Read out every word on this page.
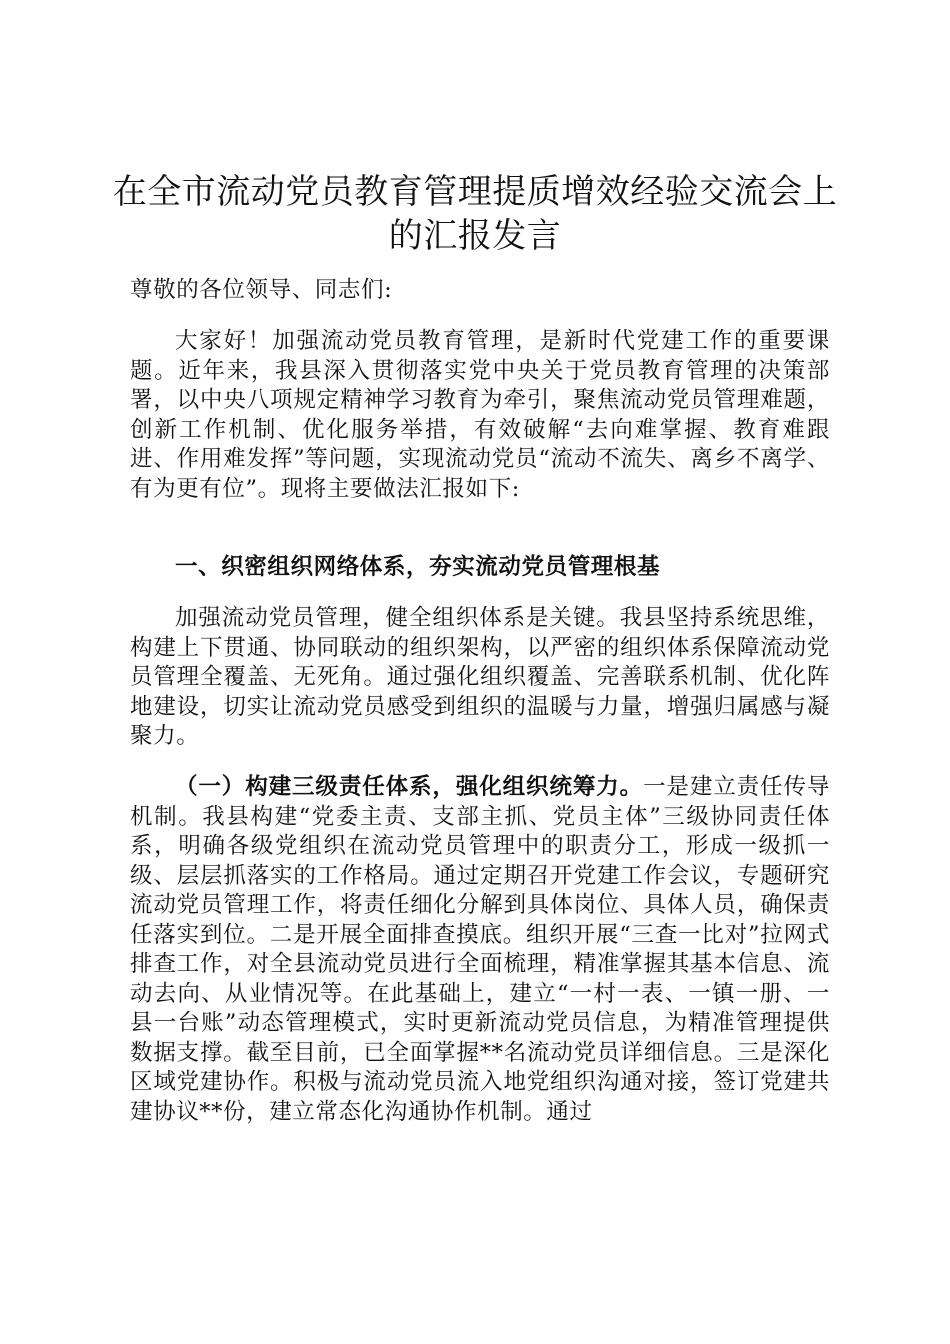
在全市流动党员教育管理提质增效经验交流会上的汇报发言

尊敬的各位领导、同志们:

大家好！加强流动党员教育管理，是新时代党建工作的重要课题。近年来，我县深入贯彻落实党中央关于党员教育管理的决策部署，以中央八项规定精神学习教育为牵引，聚焦流动党员管理难题，创新工作机制、优化服务举措，有效破解“去向难掌握、教育难跟进、作用难发挥”等问题，实现流动党员“流动不流失、离乡不离学、有为更有位”。现将主要做法汇报如下:

一、织密组织网络体系，夯实流动党员管理根基

加强流动党员管理，健全组织体系是关键。我县坚持系统思维，构建上下贯通、协同联动的组织架构，以严密的组织体系保障流动党员管理全覆盖、无死角。通过强化组织覆盖、完善联系机制、优化阵地建设，切实让流动党员感受到组织的温暖与力量，增强归属感与凝聚力。

（一）构建三级责任体系，强化组织统筹力。一是建立责任传导机制。我县构建“党委主责、支部主抓、党员主体”三级协同责任体系，明确各级党组织在流动党员管理中的职责分工，形成一级抓一级、层层抓落实的工作格局。通过定期召开党建工作会议，专题研究流动党员管理工作，将责任细化分解到具体岗位、具体人员，确保责任落实到位。二是开展全面排查摸底。组织开展“三查一比对”拉网式排查工作，对全县流动党员进行全面梳理，精准掌握其基本信息、流动去向、从业情况等。在此基础上，建立“一村一表、一镇一册、一县一台账”动态管理模式，实时更新流动党员信息，为精准管理提供数据支撑。截至目前，已全面掌握**名流动党员详细信息。三是深化区域党建协作。积极与流动党员流入地党组织沟通对接，签订党建共建协议**份，建立常态化沟通协作机制。通过
